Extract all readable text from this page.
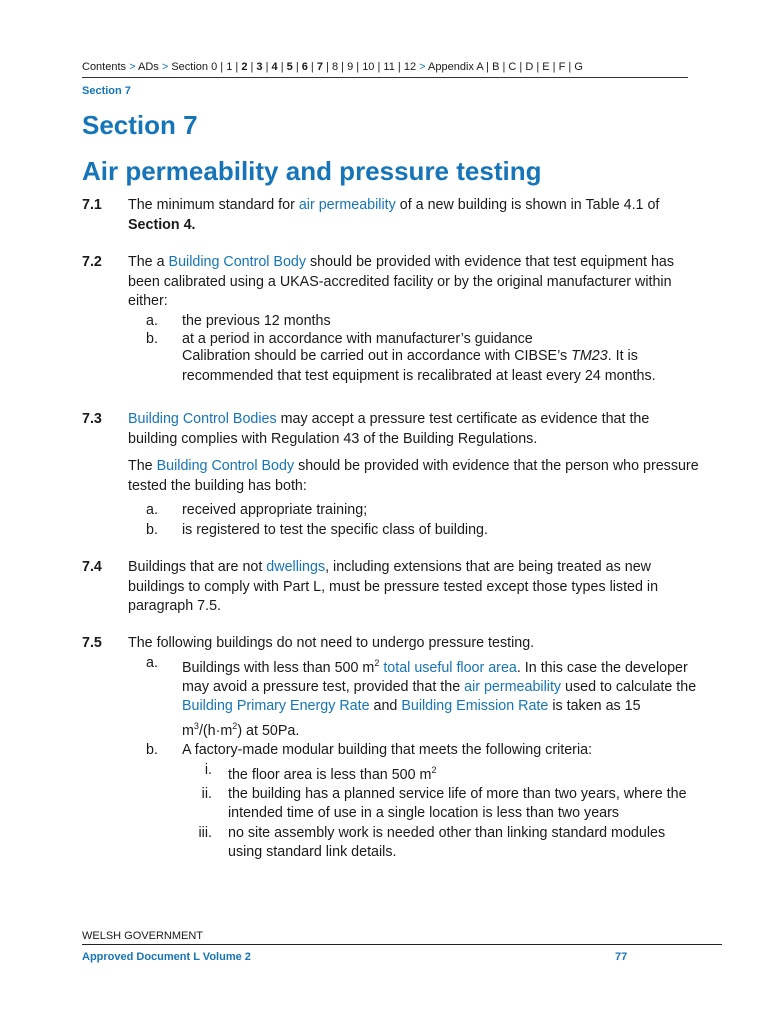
Contents > ADs > Section 0 | 1 | 2 | 3 | 4 | 5 | 6 | 7 | 8 | 9 | 10 | 11 | 12 > Appendix A | B | C | D | E | F | G
Section 7
Section 7
Air permeability and pressure testing
7.1 The minimum standard for air permeability of a new building is shown in Table 4.1 of Section 4.
7.2 The a Building Control Body should be provided with evidence that test equipment has been calibrated using a UKAS-accredited facility or by the original manufacturer within either:
a. the previous 12 months
b. at a period in accordance with manufacturer’s guidance
Calibration should be carried out in accordance with CIBSE’s TM23. It is recommended that test equipment is recalibrated at least every 24 months.
7.3 Building Control Bodies may accept a pressure test certificate as evidence that the building complies with Regulation 43 of the Building Regulations.
The Building Control Body should be provided with evidence that the person who pressure tested the building has both:
a. received appropriate training;
b. is registered to test the specific class of building.
7.4 Buildings that are not dwellings, including extensions that are being treated as new buildings to comply with Part L, must be pressure tested except those types listed in paragraph 7.5.
7.5 The following buildings do not need to undergo pressure testing.
a. Buildings with less than 500 $m^2$ total useful floor area. In this case the developer may avoid a pressure test, provided that the air permeability used to calculate the Building Primary Energy Rate and Building Emission Rate is taken as 15 $m^3/(h\cdot m^2)$ at 50Pa.
b. A factory-made modular building that meets the following criteria:
i. the floor area is less than 500 $m^2$
ii. the building has a planned service life of more than two years, where the intended time of use in a single location is less than two years
iii. no site assembly work is needed other than linking standard modules using standard link details.
WELSH GOVERNMENT
Approved Document L Volume 2	77
